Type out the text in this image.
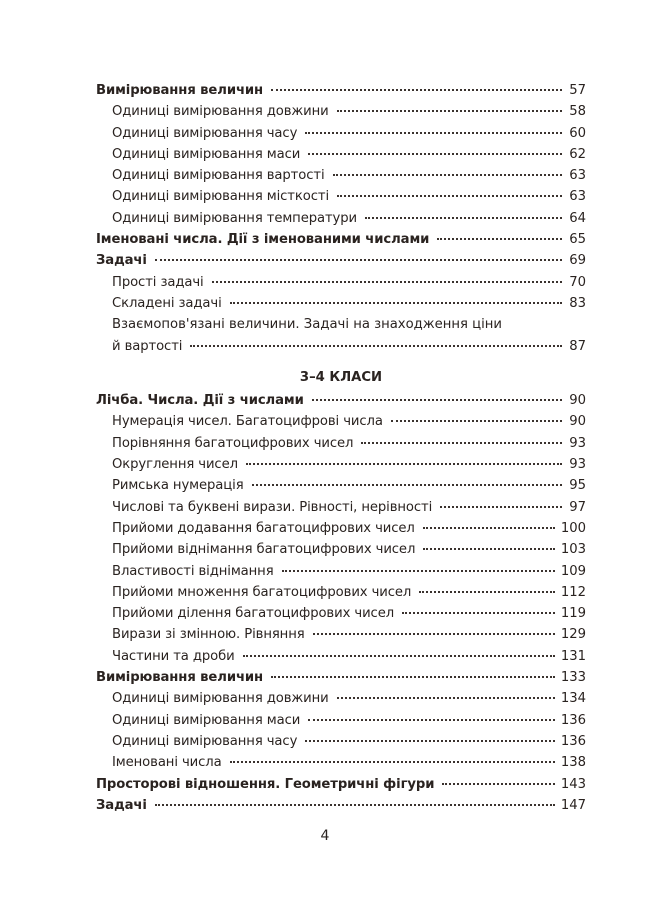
Вимірювання величин	57
Одиниці вимірювання довжини	58
Одиниці вимірювання часу	60
Одиниці вимірювання маси	62
Одиниці вимірювання вартості	63
Одиниці вимірювання місткості	63
Одиниці вимірювання температури	64
Іменовані числа. Дії з іменованими числами	65
Задачі	69
Прості задачі	70
Складені задачі	83
Взаємопов'язані величини. Задачі на знаходження ціни
й вартості	87
3–4 КЛАСИ
Лічба. Числа. Дії з числами	90
Нумерація чисел. Багатоцифрові числа	90
Порівняння багатоцифрових чисел	93
Округлення чисел	93
Римська нумерація	95
Числові та буквені вирази. Рівності, нерівності	97
Прийоми додавання багатоцифрових чисел	100
Прийоми віднімання багатоцифрових чисел	103
Властивості віднімання	109
Прийоми множення багатоцифрових чисел	112
Прийоми ділення багатоцифрових чисел	119
Вирази зі змінною. Рівняння	129
Частини та дроби	131
Вимірювання величин	133
Одиниці вимірювання довжини	134
Одиниці вимірювання маси	136
Одиниці вимірювання часу	136
Іменовані числа	138
Просторові відношення. Геометричні фігури	143
Задачі	147
4
